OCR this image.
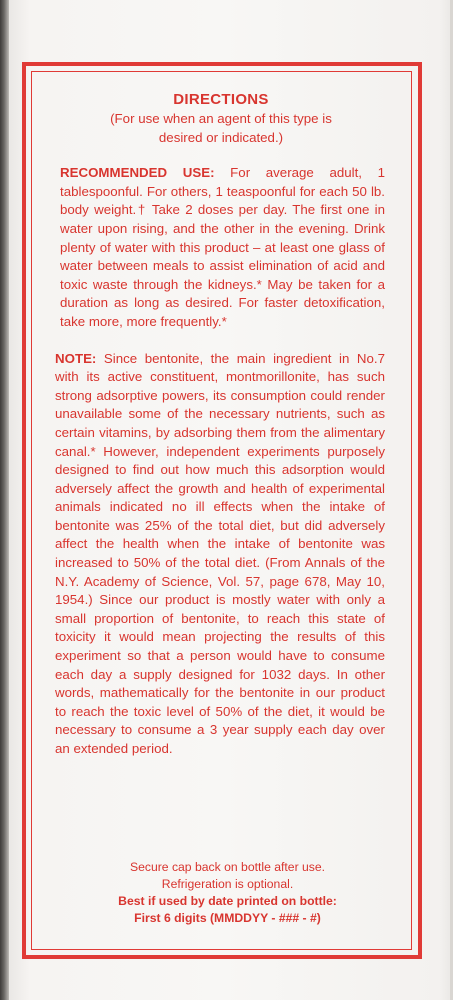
DIRECTIONS
(For use when an agent of this type is desired or indicated.)
RECOMMENDED USE: For average adult, 1 tablespoonful. For others, 1 teaspoonful for each 50 lb. body weight.† Take 2 doses per day. The first one in water upon rising, and the other in the evening. Drink plenty of water with this product – at least one glass of water between meals to assist elimination of acid and toxic waste through the kidneys.* May be taken for a duration as long as desired. For faster detoxification, take more, more frequently.*
NOTE: Since bentonite, the main ingredient in No.7 with its active constituent, montmorillonite, has such strong adsorptive powers, its consumption could render unavailable some of the necessary nutrients, such as certain vitamins, by adsorbing them from the alimentary canal.* However, independent experiments purposely designed to find out how much this adsorption would adversely affect the growth and health of experimental animals indicated no ill effects when the intake of bentonite was 25% of the total diet, but did adversely affect the health when the intake of bentonite was increased to 50% of the total diet. (From Annals of the N.Y. Academy of Science, Vol. 57, page 678, May 10, 1954.) Since our product is mostly water with only a small proportion of bentonite, to reach this state of toxicity it would mean projecting the results of this experiment so that a person would have to consume each day a supply designed for 1032 days. In other words, mathematically for the bentonite in our product to reach the toxic level of 50% of the diet, it would be necessary to consume a 3 year supply each day over an extended period.
Secure cap back on bottle after use.
Refrigeration is optional.
Best if used by date printed on bottle:
First 6 digits (MMDDYY - ### - #)
